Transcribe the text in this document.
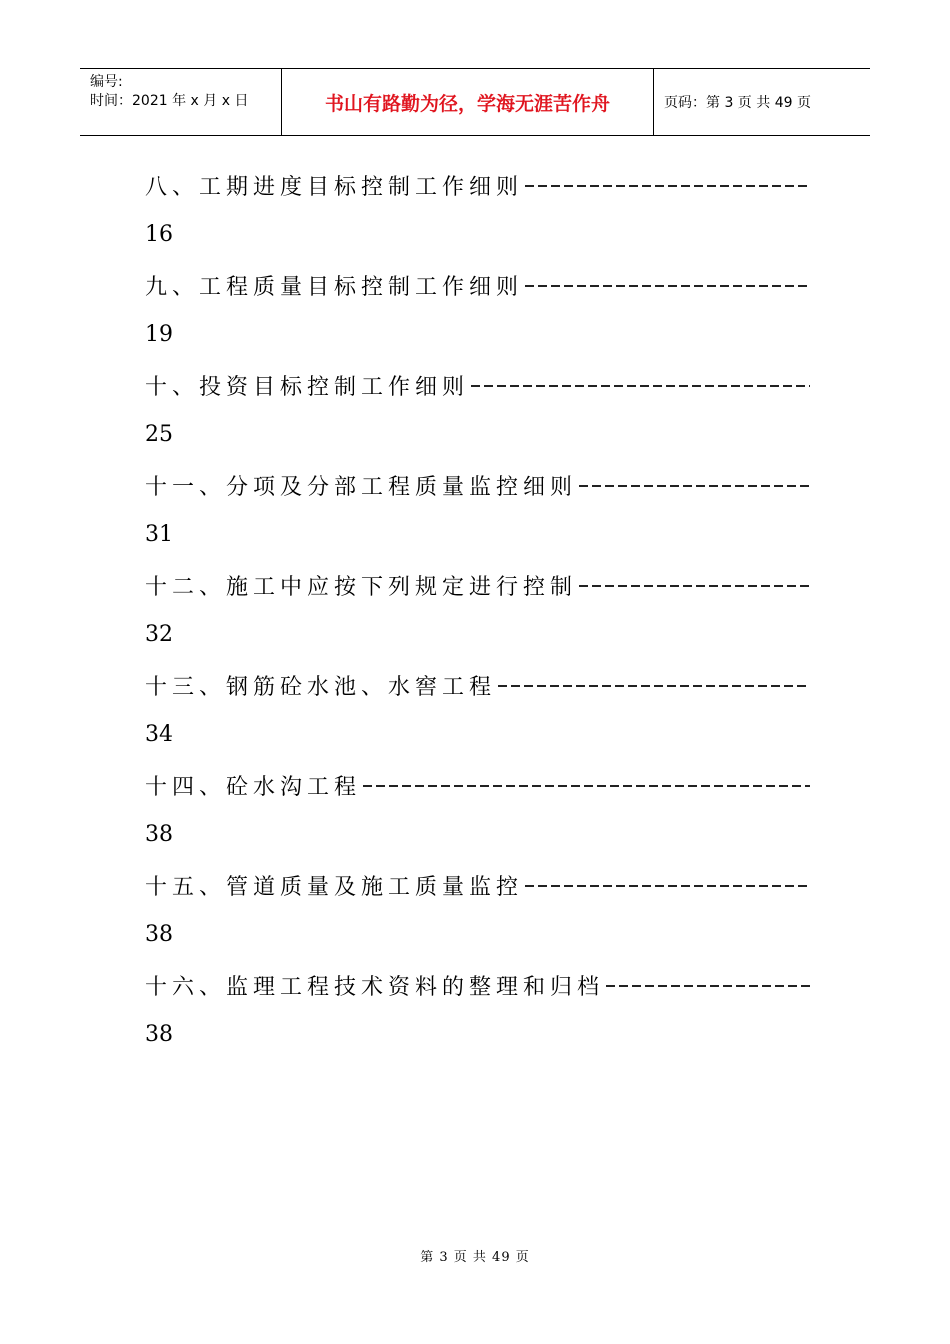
编号:
时间：2021 年 x 月 x 日	书山有路勤为径，学海无涯苦作舟	页码：第 3 页 共 49 页
八、工期进度目标控制工作细则
16
九、工程质量目标控制工作细则
19
十、投资目标控制工作细则
25
十一、分项及分部工程质量监控细则
31
十二、施工中应按下列规定进行控制
32
十三、钢筋砼水池、水窖工程
34
十四、砼水沟工程
38
十五、管道质量及施工质量监控
38
十六、监理工程技术资料的整理和归档
38
第 3 页 共 49 页
